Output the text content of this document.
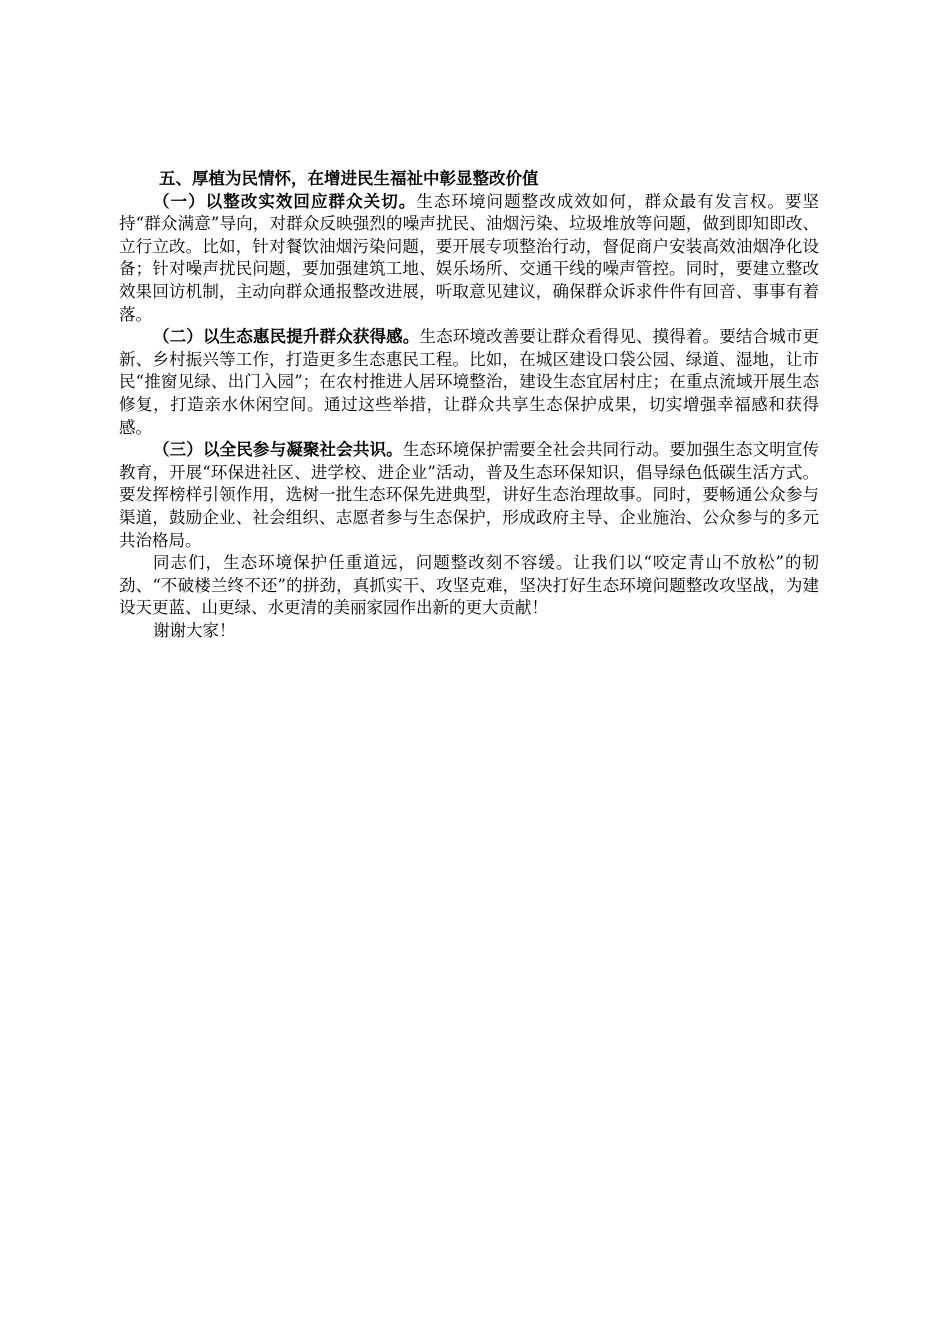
五、厚植为民情怀，在增进民生福祉中彰显整改价值

（一）以整改实效回应群众关切。生态环境问题整改成效如何，群众最有发言权。要坚持“群众满意”导向，对群众反映强烈的噪声扰民、油烟污染、垃圾堆放等问题，做到即知即改、立行立改。比如，针对餐饮油烟污染问题，要开展专项整治行动，督促商户安装高效油烟净化设备；针对噪声扰民问题，要加强建筑工地、娱乐场所、交通干线的噪声管控。同时，要建立整改效果回访机制，主动向群众通报整改进展，听取意见建议，确保群众诉求件件有回音、事事有着落。

（二）以生态惠民提升群众获得感。生态环境改善要让群众看得见、摸得着。要结合城市更新、乡村振兴等工作，打造更多生态惠民工程。比如，在城区建设口袋公园、绿道、湿地，让市民“推窗见绿、出门入园”；在农村推进人居环境整治，建设生态宜居村庄；在重点流域开展生态修复，打造亲水休闲空间。通过这些举措，让群众共享生态保护成果，切实增强幸福感和获得感。

（三）以全民参与凝聚社会共识。生态环境保护需要全社会共同行动。要加强生态文明宣传教育，开展“环保进社区、进学校、进企业”活动，普及生态环保知识，倡导绿色低碳生活方式。要发挥榜样引领作用，选树一批生态环保先进典型，讲好生态治理故事。同时，要畅通公众参与渠道，鼓励企业、社会组织、志愿者参与生态保护，形成政府主导、企业施治、公众参与的多元共治格局。

同志们，生态环境保护任重道远，问题整改刻不容缓。让我们以“咬定青山不放松”的韧劲、“不破楼兰终不还”的拼劲，真抓实干、攻坚克难，坚决打好生态环境问题整改攻坚战，为建设天更蓝、山更绿、水更清的美丽家园作出新的更大贡献！

谢谢大家！
